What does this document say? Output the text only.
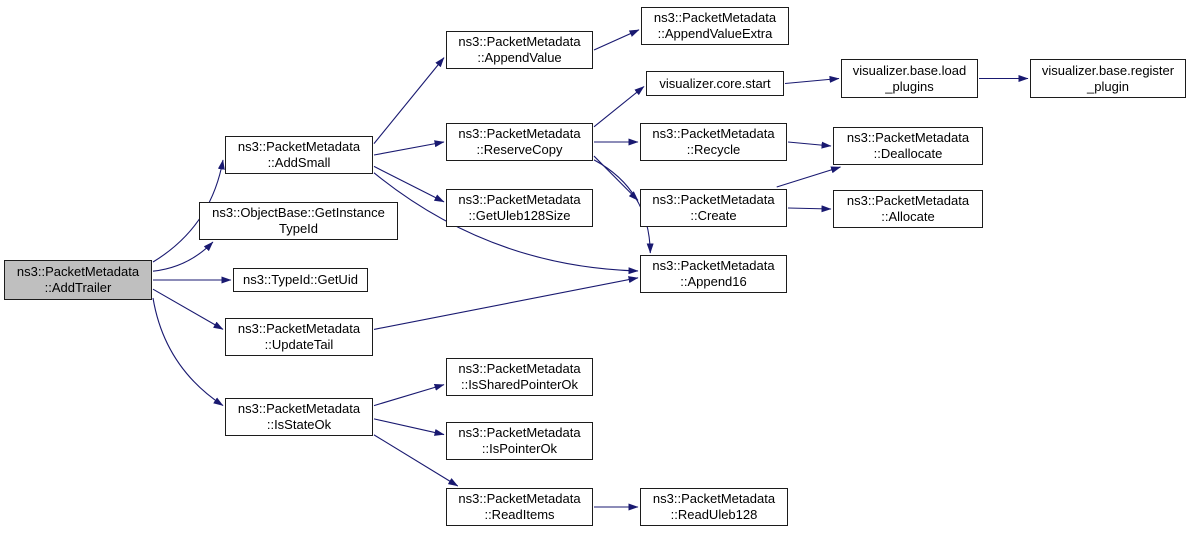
ns3::PacketMetadata
::AddTrailer
ns3::PacketMetadata
::AddSmall
ns3::ObjectBase::GetInstance
TypeId
ns3::TypeId::GetUid
ns3::PacketMetadata
::UpdateTail
ns3::PacketMetadata
::IsStateOk
ns3::PacketMetadata
::AppendValue
ns3::PacketMetadata
::AppendValueExtra
visualizer.core.start
ns3::PacketMetadata
::ReserveCopy
ns3::PacketMetadata
::GetUleb128Size
ns3::PacketMetadata
::Recycle
ns3::PacketMetadata
::Create
ns3::PacketMetadata
::Append16
ns3::PacketMetadata
::IsSharedPointerOk
ns3::PacketMetadata
::IsPointerOk
ns3::PacketMetadata
::ReadItems
ns3::PacketMetadata
::ReadUleb128
visualizer.base.load
_plugins
ns3::PacketMetadata
::Deallocate
ns3::PacketMetadata
::Allocate
visualizer.base.register
_plugin
